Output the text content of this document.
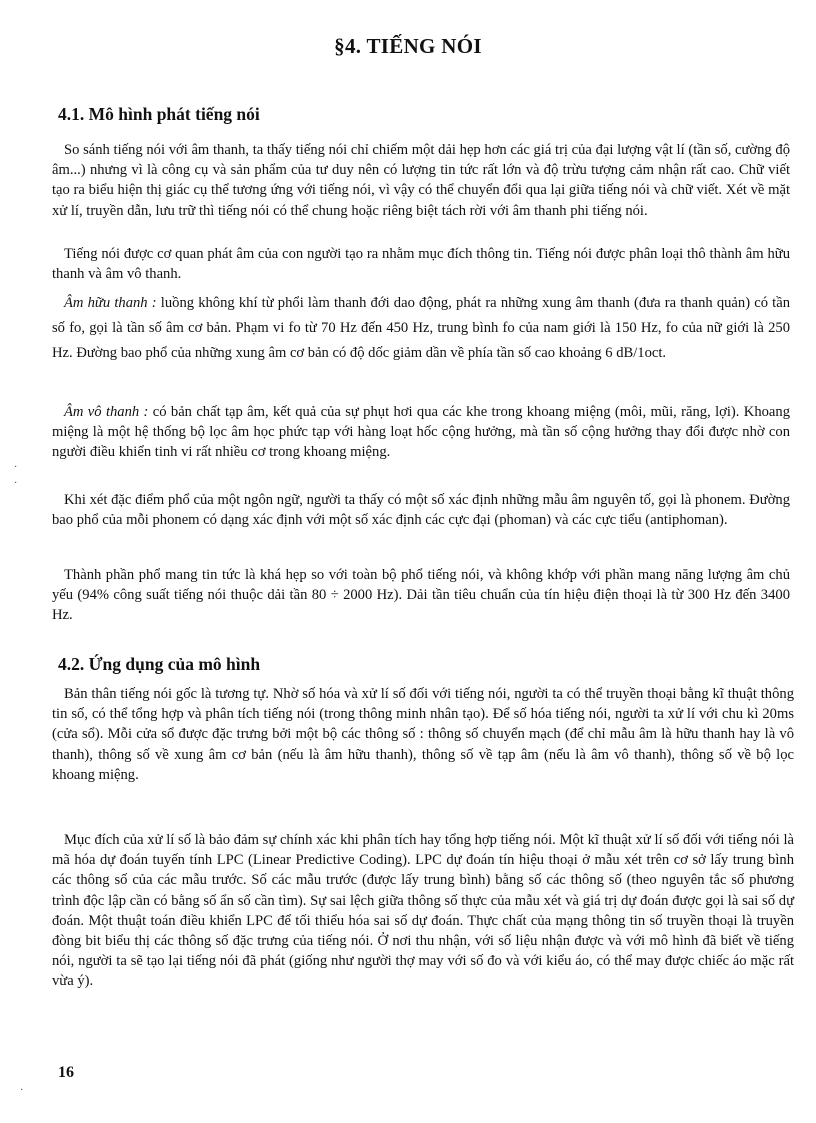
§4. TIẾNG NÓI
4.1. Mô hình phát tiếng nói

So sánh tiếng nói với âm thanh, ta thấy tiếng nói chỉ chiếm một dải hẹp hơn các giá trị của đại lượng vật lí (tần số, cường độ âm...) nhưng vì là công cụ và sản phẩm của tư duy nên có lượng tin tức rất lớn và độ trừu tượng cảm nhận rất cao. Chữ viết tạo ra biểu hiện thị giác cụ thể tương ứng với tiếng nói, vì vậy có thể chuyển đổi qua lại giữa tiếng nói và chữ viết. Xét về mặt xử lí, truyền dẫn, lưu trữ thì tiếng nói có thể chung hoặc riêng biệt tách rời với âm thanh phi tiếng nói.

Tiếng nói được cơ quan phát âm của con người tạo ra nhằm mục đích thông tin. Tiếng nói được phân loại thô thành âm hữu thanh và âm vô thanh.

Âm hữu thanh : luồng không khí từ phổi làm thanh đới dao động, phát ra những xung âm thanh (đưa ra thanh quản) có tần số fo, gọi là tần số âm cơ bản. Phạm vi fo từ 70 Hz đến 450 Hz, trung bình fo của nam giới là 150 Hz, fo của nữ giới là 250 Hz. Đường bao phổ của những xung âm cơ bản có độ dốc giảm dần về phía tần số cao khoảng 6 dB/1oct.

Âm vô thanh : có bản chất tạp âm, kết quả của sự phụt hơi qua các khe trong khoang miệng (môi, mũi, răng, lợi). Khoang miệng là một hệ thống bộ lọc âm học phức tạp với hàng loạt hốc cộng hưởng, mà tần số cộng hưởng thay đổi được nhờ con người điều khiển tinh vi rất nhiều cơ trong khoang miệng.

Khi xét đặc điểm phổ của một ngôn ngữ, người ta thấy có một số xác định những mẫu âm nguyên tố, gọi là phonem. Đường bao phổ của mỗi phonem có dạng xác định với một số xác định các cực đại (phoman) và các cực tiểu (antiphoman).

Thành phần phổ mang tin tức là khá hẹp so với toàn bộ phổ tiếng nói, và không khớp với phần mang năng lượng âm chủ yếu (94% công suất tiếng nói thuộc dải tần 80 ÷ 2000 Hz). Dải tần tiêu chuẩn của tín hiệu điện thoại là từ 300 Hz đến 3400 Hz.

4.2. Ứng dụng của mô hình

Bản thân tiếng nói gốc là tương tự. Nhờ số hóa và xử lí số đối với tiếng nói, người ta có thể truyền thoại bằng kĩ thuật thông tin số, có thể tổng hợp và phân tích tiếng nói (trong thông minh nhân tạo). Để số hóa tiếng nói, người ta xử lí với chu kì 20ms (cửa sổ). Mỗi cửa sổ được đặc trưng bởi một bộ các thông số : thông số chuyển mạch (để chỉ mẫu âm là hữu thanh hay là vô thanh), thông số về xung âm cơ bản (nếu là âm hữu thanh), thông số về tạp âm (nếu là âm vô thanh), thông số về bộ lọc khoang miệng.

Mục đích của xử lí số là bảo đảm sự chính xác khi phân tích hay tổng hợp tiếng nói. Một kĩ thuật xử lí số đối với tiếng nói là mã hóa dự đoán tuyến tính LPC (Linear Predictive Coding). LPC dự đoán tín hiệu thoại ở mẫu xét trên cơ sở lấy trung bình các thông số của các mẫu trước. Số các mẫu trước (được lấy trung bình) bằng số các thông số (theo nguyên tắc số phương trình độc lập cần có bằng số ẩn số cần tìm). Sự sai lệch giữa thông số thực của mẫu xét và giá trị dự đoán được gọi là sai số dự đoán. Một thuật toán điều khiển LPC để tối thiểu hóa sai số dự đoán. Thực chất của mạng thông tin số truyền thoại là truyền đòng bit biểu thị các thông số đặc trưng của tiếng nói. Ở nơi thu nhận, với số liệu nhận được và với mô hình đã biết về tiếng nói, người ta sẽ tạo lại tiếng nói đã phát (giống như người thợ may với số đo và với kiểu áo, có thể may được chiếc áo mặc rất vừa ý).

16
·
·
·
